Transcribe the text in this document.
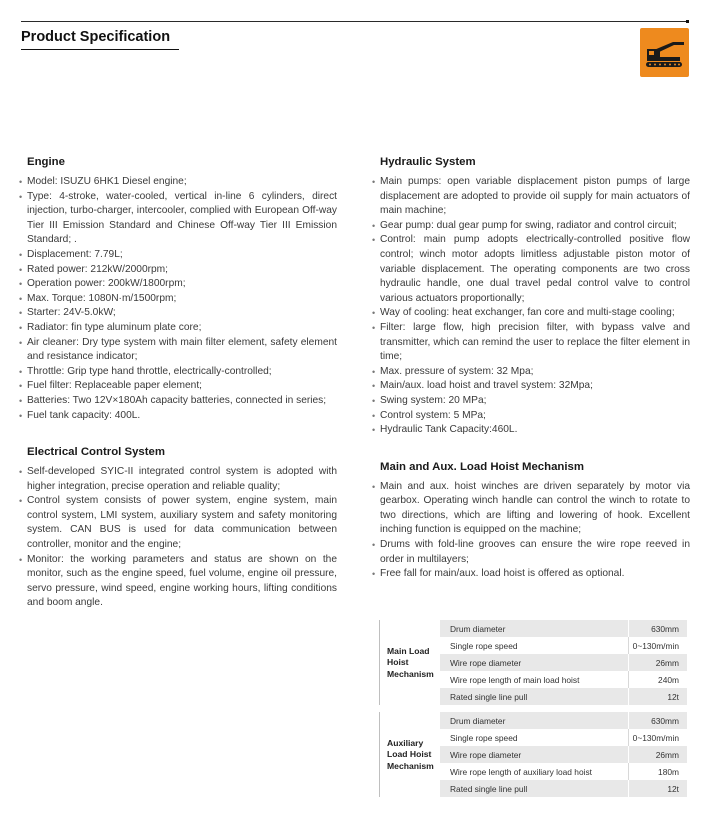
Product Specification
Engine
• Model: ISUZU 6HK1 Diesel engine;
• Type: 4-stroke, water-cooled, vertical in-line 6 cylinders, direct injection, turbo-charger, intercooler, complied with European Off-way Tier III Emission Standard and Chinese Off-way Tier III Emission Standard; .
• Displacement: 7.79L;
• Rated power: 212kW/2000rpm;
• Operation power: 200kW/1800rpm;
• Max. Torque: 1080N·m/1500rpm;
• Starter: 24V-5.0kW;
• Radiator: fin type aluminum plate core;
• Air cleaner: Dry type system with main filter element, safety element and resistance indicator;
• Throttle: Grip type hand throttle, electrically-controlled;
• Fuel filter: Replaceable paper element;
• Batteries: Two 12V×180Ah capacity batteries, connected in series;
• Fuel tank capacity: 400L.
Electrical Control System
• Self-developed SYIC-II integrated control system is adopted with higher integration, precise operation and reliable quality;
• Control system consists of power system, engine system, main control system, LMI system, auxiliary system and safety monitoring system. CAN BUS is used for data communication between controller, monitor and the engine;
• Monitor: the working parameters and status are shown on the monitor, such as the engine speed, fuel volume, engine oil pressure, servo pressure, wind speed, engine working hours, lifting conditions and boom angle.
Hydraulic System
• Main pumps: open variable displacement piston pumps of large displacement are adopted to provide oil supply for main actuators of main machine;
• Gear pump: dual gear pump for swing, radiator and control circuit;
• Control: main pump adopts electrically-controlled positive flow control; winch motor adopts limitless adjustable piston motor of variable displacement. The operating components are two cross hydraulic handle, one dual travel pedal control valve to control various actuators proportionally;
• Way of cooling: heat exchanger, fan core and multi-stage cooling;
• Filter: large flow, high precision filter, with bypass valve and transmitter, which can remind the user to replace the filter element in time;
• Max. pressure of system: 32 Mpa;
• Main/aux. load hoist and travel system: 32Mpa;
• Swing system: 20 MPa;
• Control system: 5 MPa;
• Hydraulic Tank Capacity:460L.
Main and Aux. Load Hoist Mechanism
• Main and aux. hoist winches are driven separately by motor via gearbox. Operating winch handle can control the winch to rotate to two directions, which are lifting and lowering of hook. Excellent inching function is equipped on the machine;
• Drums with fold-line grooves can ensure the wire rope reeved in order in multilayers;
• Free fall for main/aux. load hoist is offered as optional.
Main Load Hoist Mechanism
Drum diameter	630mm
Single rope speed	0~130m/min
Wire rope diameter	26mm
Wire rope length of main load hoist	240m
Rated single line pull	12t
Auxiliary Load Hoist Mechanism
Drum diameter	630mm
Single rope speed	0~130m/min
Wire rope diameter	26mm
Wire rope length of auxiliary load hoist	180m
Rated single line pull	12t
